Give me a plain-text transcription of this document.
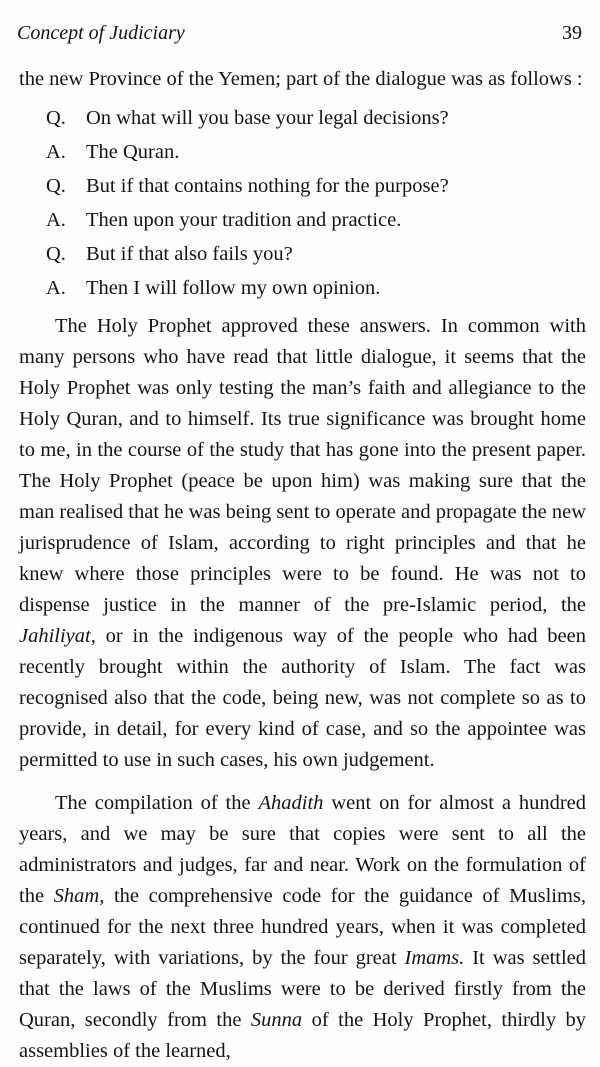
Concept of Judiciary	39

the new Province of the Yemen; part of the dialogue was as follows :

Q. On what will you base your legal decisions?
A. The Quran.
Q. But if that contains nothing for the purpose?
A. Then upon your tradition and practice.
Q. But if that also fails you?
A. Then I will follow my own opinion.

The Holy Prophet approved these answers. In common with many persons who have read that little dialogue, it seems that the Holy Prophet was only testing the man’s faith and allegiance to the Holy Quran, and to himself. Its true significance was brought home to me, in the course of the study that has gone into the present paper. The Holy Prophet (peace be upon him) was making sure that the man realised that he was being sent to operate and propagate the new jurisprudence of Islam, according to right principles and that he knew where those principles were to be found. He was not to dispense justice in the manner of the pre-Islamic period, the Jahiliyat, or in the indigenous way of the people who had been recently brought within the authority of Islam. The fact was recognised also that the code, being new, was not complete so as to provide, in detail, for every kind of case, and so the appointee was permitted to use in such cases, his own judgement.

The compilation of the Ahadith went on for almost a hundred years, and we may be sure that copies were sent to all the administrators and judges, far and near. Work on the formulation of the Sham, the comprehensive code for the guidance of Muslims, continued for the next three hundred years, when it was completed separately, with variations, by the four great Imams. It was settled that the laws of the Muslims were to be derived firstly from the Quran, secondly from the Sunna of the Holy Prophet, thirdly by assemblies of the learned,
